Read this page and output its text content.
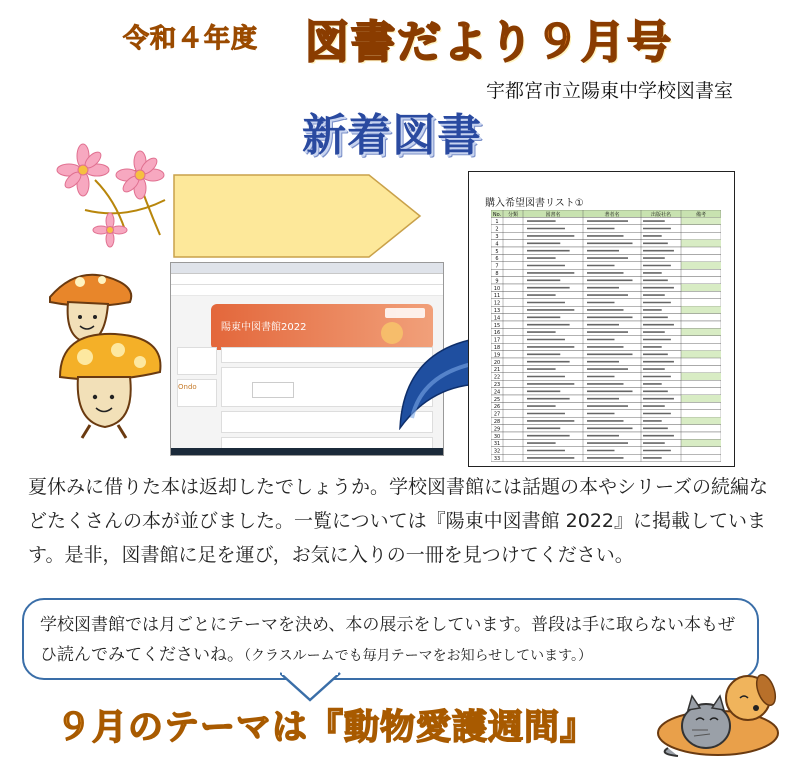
令和４年度 図書だより９月号
宇都宮市立陽東中学校図書室
新着図書
陽東中図書館2022
Ondo
購入希望図書リスト①
No. 分類	図書名	著者名	出版社名	備考
1
2
3
4
5
6
7
8
9
10
11
12
13
14
15
16
17
18
19
20
21
22
23
24
25
26
27
28
29
30
31
32
33
夏休みに借りた本は返却したでしょうか。学校図書館には話題の本やシリーズの続編などたくさんの本が並びました。一覧については『陽東中図書館 2022』に掲載しています。是非，図書館に足を運び，お気に入りの一冊を見つけてください。
学校図書館では月ごとにテーマを決め、本の展示をしています。普段は手に取らない本もぜひ読んでみてくださいね。（クラスルームでも毎月テーマをお知らせしています。）
９月のテーマは『動物愛護週間』
